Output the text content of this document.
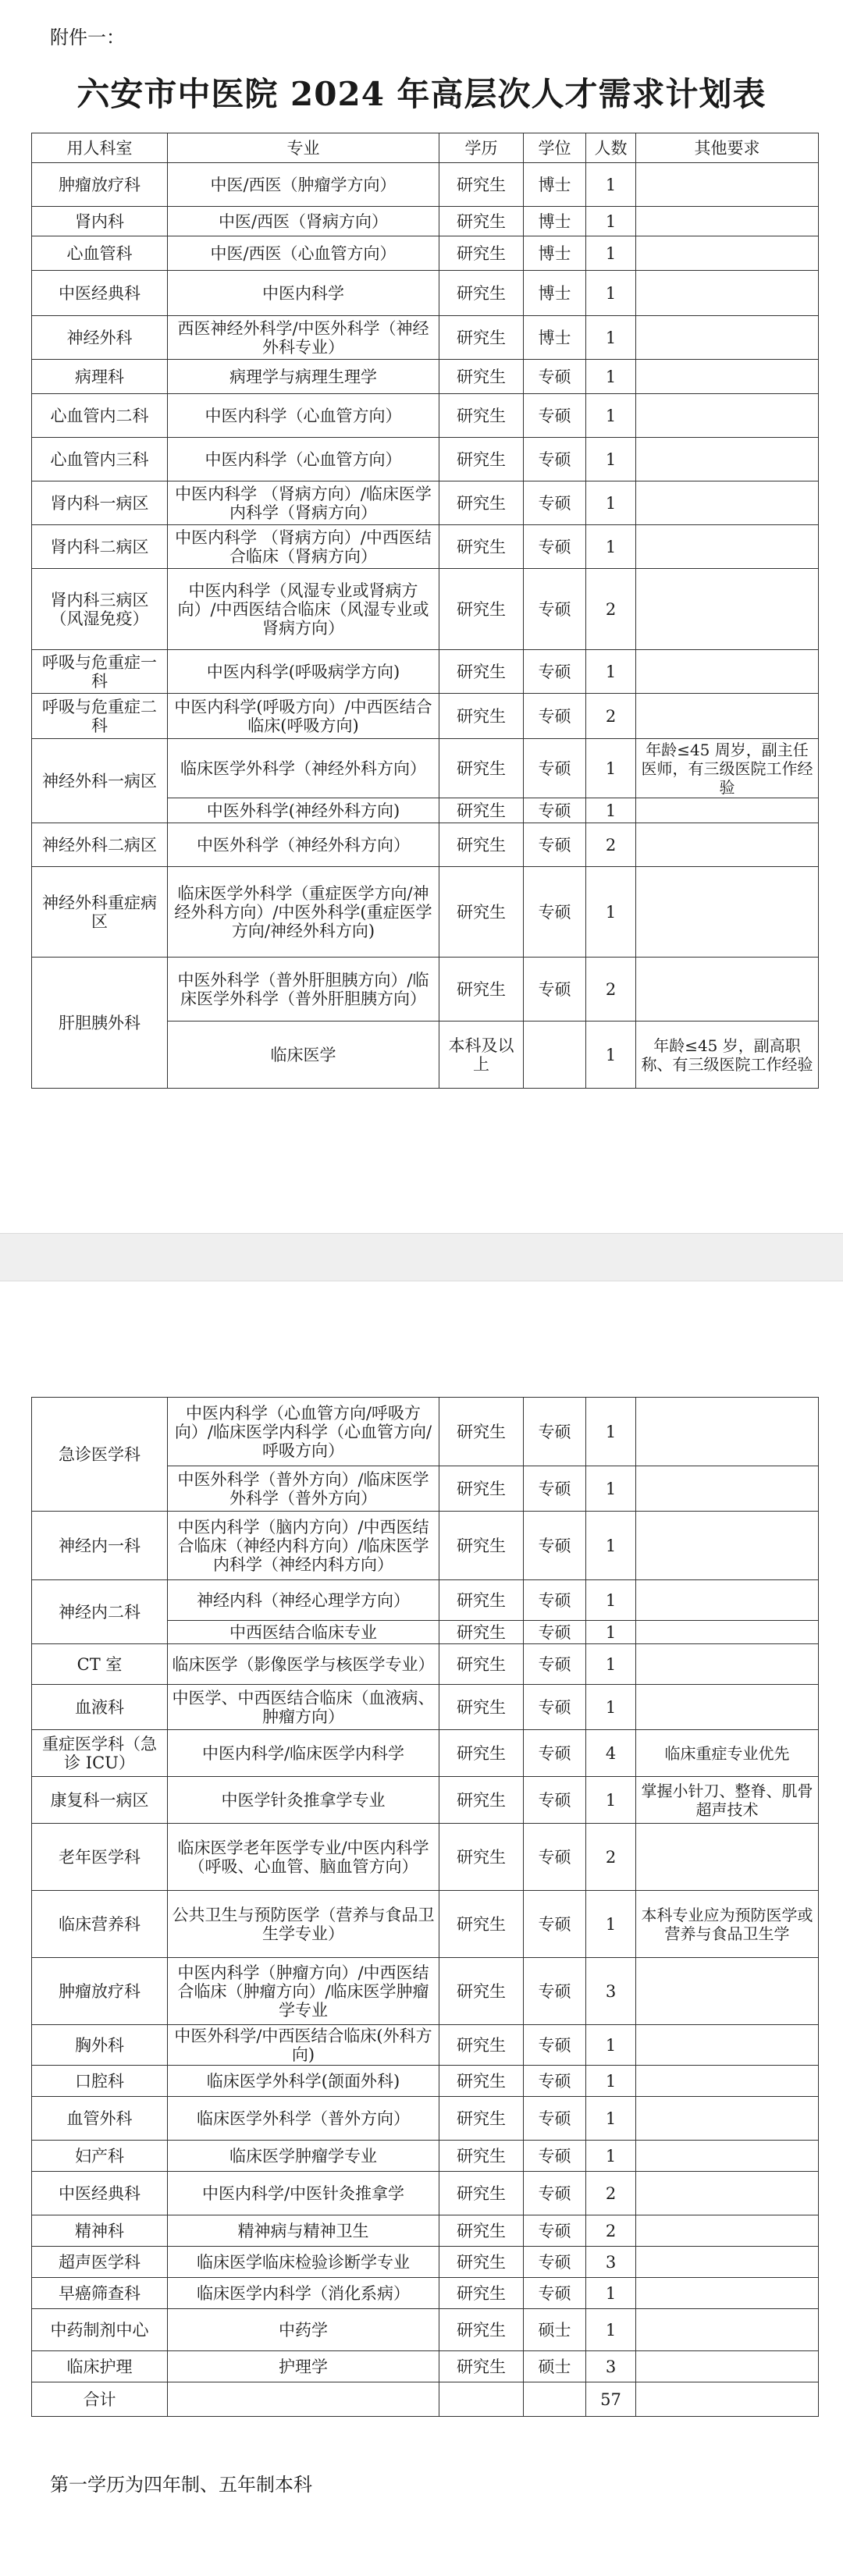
附件一：
六安市中医院 2024 年高层次人才需求计划表
用人科室	专业	学历	学位	人数	其他要求
肿瘤放疗科	中医/西医（肿瘤学方向）	研究生	博士	1	
肾内科	中医/西医（肾病方向）	研究生	博士	1	
心血管科	中医/西医（心血管方向）	研究生	博士	1	
中医经典科	中医内科学	研究生	博士	1	
神经外科	西医神经外科学/中医外科学（神经外科专业）	研究生	博士	1	
病理科	病理学与病理生理学	研究生	专硕	1	
心血管内二科	中医内科学（心血管方向）	研究生	专硕	1	
心血管内三科	中医内科学（心血管方向）	研究生	专硕	1	
肾内科一病区	中医内科学 （肾病方向）/临床医学内科学（肾病方向）	研究生	专硕	1	
肾内科二病区	中医内科学 （肾病方向）/中西医结合临床（肾病方向）	研究生	专硕	1	
肾内科三病区（风湿免疫）	中医内科学（风湿专业或肾病方向）/中西医结合临床（风湿专业或肾病方向）	研究生	专硕	2	
呼吸与危重症一科	中医内科学(呼吸病学方向)	研究生	专硕	1	
呼吸与危重症二科	中医内科学(呼吸方向）/中西医结合临床(呼吸方向)	研究生	专硕	2	
神经外科一病区	临床医学外科学（神经外科方向）	研究生	专硕	1	年龄≤45 周岁，副主任医师，有三级医院工作经验
	中医外科学(神经外科方向)	研究生	专硕	1	
神经外科二病区	中医外科学（神经外科方向）	研究生	专硕	2	
神经外科重症病区	临床医学外科学（重症医学方向/神经外科方向）/中医外科学(重症医学方向/神经外科方向)	研究生	专硕	1	
肝胆胰外科	中医外科学（普外肝胆胰方向）/临床医学外科学（普外肝胆胰方向）	研究生	专硕	2	
	临床医学	本科及以上		1	年龄≤45 岁，副高职称、有三级医院工作经验
急诊医学科	中医内科学（心血管方向/呼吸方向）/临床医学内科学（心血管方向/呼吸方向）	研究生	专硕	1	
	中医外科学（普外方向）/临床医学外科学（普外方向）	研究生	专硕	1	
神经内一科	中医内科学（脑内方向）/中西医结合临床（神经内科方向）/临床医学内科学（神经内科方向）	研究生	专硕	1	
神经内二科	神经内科（神经心理学方向）	研究生	专硕	1	
	中西医结合临床专业	研究生	专硕	1	
CT 室	临床医学（影像医学与核医学专业）	研究生	专硕	1	
血液科	中医学、中西医结合临床（血液病、肿瘤方向）	研究生	专硕	1	
重症医学科（急诊 ICU）	中医内科学/临床医学内科学	研究生	专硕	4	临床重症专业优先
康复科一病区	中医学针灸推拿学专业	研究生	专硕	1	掌握小针刀、整脊、肌骨超声技术
老年医学科	临床医学老年医学专业/中医内科学（呼吸、心血管、脑血管方向）	研究生	专硕	2	
临床营养科	公共卫生与预防医学（营养与食品卫生学专业）	研究生	专硕	1	本科专业应为预防医学或营养与食品卫生学
肿瘤放疗科	中医内科学（肿瘤方向）/中西医结合临床（肿瘤方向）/临床医学肿瘤学专业	研究生	专硕	3	
胸外科	中医外科学/中西医结合临床(外科方向)	研究生	专硕	1	
口腔科	临床医学外科学(颌面外科)	研究生	专硕	1	
血管外科	临床医学外科学（普外方向）	研究生	专硕	1	
妇产科	临床医学肿瘤学专业	研究生	专硕	1	
中医经典科	中医内科学/中医针灸推拿学	研究生	专硕	2	
精神科	精神病与精神卫生	研究生	专硕	2	
超声医学科	临床医学临床检验诊断学专业	研究生	专硕	3	
早癌筛查科	临床医学内科学（消化系病）	研究生	专硕	1	
中药制剂中心	中药学	研究生	硕士	1	
临床护理	护理学	研究生	硕士	3	
合计				57	
第一学历为四年制、五年制本科
